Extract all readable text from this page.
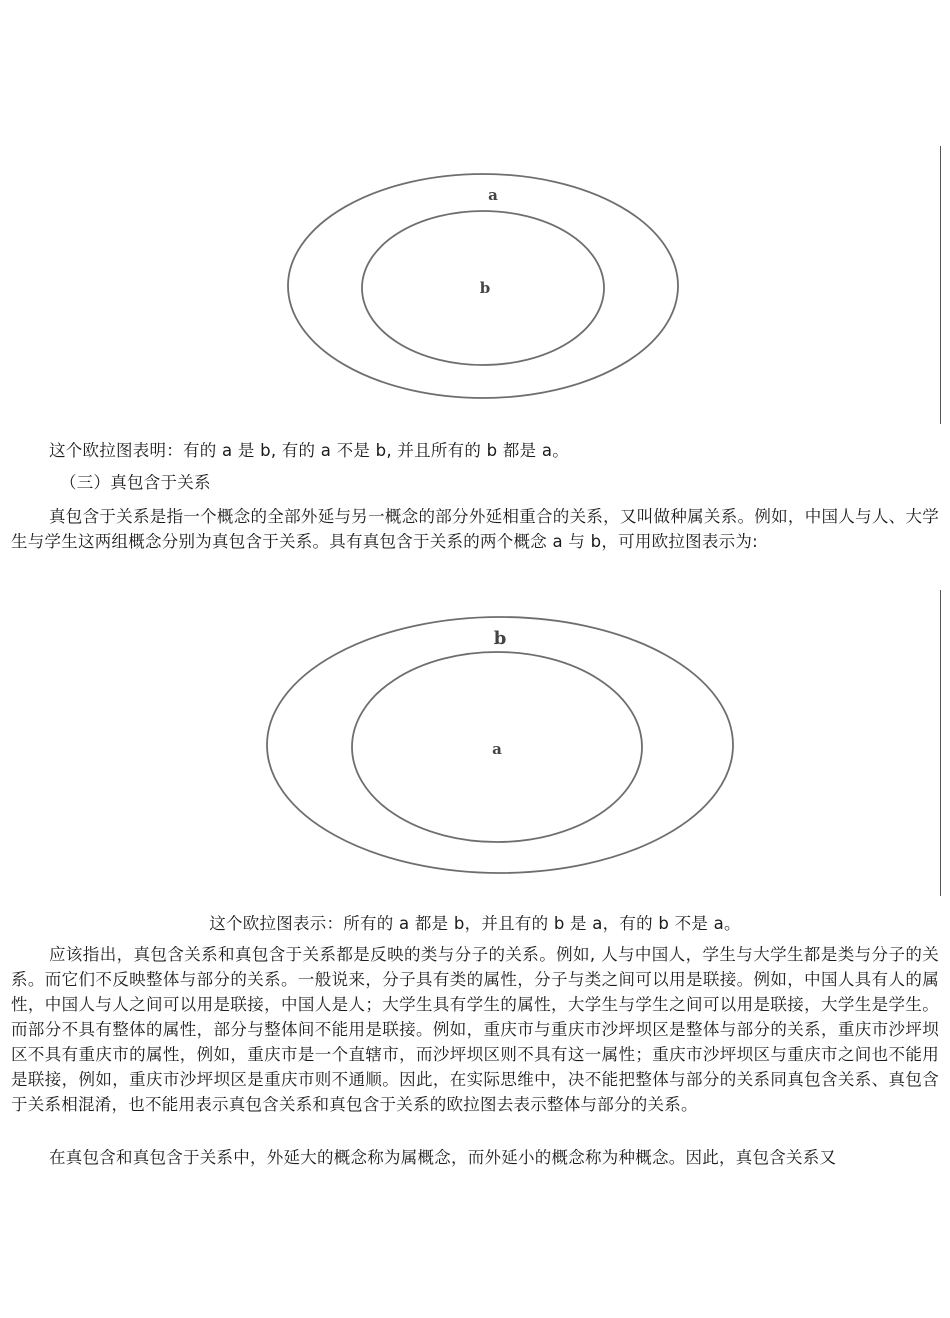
a
b
这个欧拉图表明：有的 a 是 b, 有的 a 不是 b, 并且所有的 b 都是 a。
（三）真包含于关系
真包含于关系是指一个概念的全部外延与另一概念的部分外延相重合的关系，又叫做种属关系。例如，中国人与人、大学生与学生这两组概念分别为真包含于关系。具有真包含于关系的两个概念 a 与 b，可用欧拉图表示为:
b
a
这个欧拉图表示：所有的 a 都是 b，并且有的 b 是 a，有的 b 不是 a。
应该指出，真包含关系和真包含于关系都是反映的类与分子的关系。例如, 人与中国人，学生与大学生都是类与分子的关系。而它们不反映整体与部分的关系。一般说来，分子具有类的属性，分子与类之间可以用是联接。例如，中国人具有人的属性，中国人与人之间可以用是联接，中国人是人；大学生具有学生的属性，大学生与学生之间可以用是联接，大学生是学生。而部分不具有整体的属性，部分与整体间不能用是联接。例如，重庆市与重庆市沙坪坝区是整体与部分的关系，重庆市沙坪坝区不具有重庆市的属性，例如，重庆市是一个直辖市，而沙坪坝区则不具有这一属性；重庆市沙坪坝区与重庆市之间也不能用是联接，例如，重庆市沙坪坝区是重庆市则不通顺。因此，在实际思维中，决不能把整体与部分的关系同真包含关系、真包含于关系相混淆，也不能用表示真包含关系和真包含于关系的欧拉图去表示整体与部分的关系。
在真包含和真包含于关系中，外延大的概念称为属概念，而外延小的概念称为种概念。因此，真包含关系又
